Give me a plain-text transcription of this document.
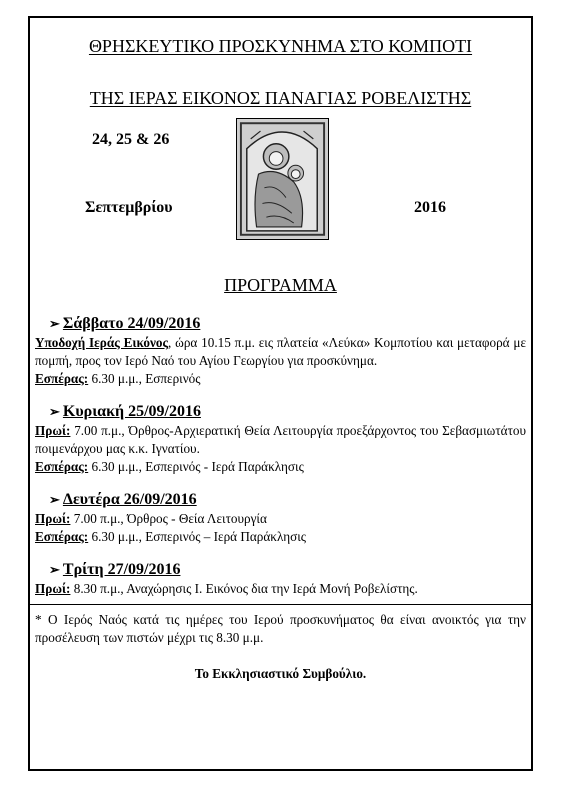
ΘΡΗΣΚΕΥΤΙΚΟ ΠΡΟΣΚΥΝΗΜΑ ΣΤΟ ΚΟΜΠΟΤΙ
ΤΗΣ ΙΕΡΑΣ ΕΙΚΟΝΟΣ ΠΑΝΑΓΙΑΣ ΡΟΒΕΛΙΣΤΗΣ
24, 25 & 26
Σεπτεμβρίου	2016
ΠΡΟΓΡΑΜΜΑ
➢ Σάββατο 24/09/2016
Υποδοχή Ιεράς Εικόνος, ώρα 10.15 π.μ. εις πλατεία «Λεύκα» Κομποτίου και μεταφορά με πομπή, προς τον Ιερό Ναό του Αγίου Γεωργίου για προσκύνημα.
Εσπέρας: 6.30 μ.μ., Εσπερινός
➢ Κυριακή 25/09/2016
Πρωί: 7.00 π.μ., Όρθρος-Αρχιερατική Θεία Λειτουργία προεξάρχοντος του Σεβασμιωτάτου ποιμενάρχου μας κ.κ. Ιγνατίου.
Εσπέρας: 6.30 μ.μ., Εσπερινός - Ιερά Παράκλησις
➢ Δευτέρα 26/09/2016
Πρωί: 7.00 π.μ., Όρθρος - Θεία Λειτουργία
Εσπέρας: 6.30 μ.μ., Εσπερινός – Ιερά Παράκλησις
➢ Τρίτη 27/09/2016
Πρωί: 8.30 π.μ., Αναχώρησις Ι. Εικόνος δια την Ιερά Μονή Ροβελίστης.
* Ο Ιερός Ναός κατά τις ημέρες του Ιερού προσκυνήματος θα είναι ανοικτός για την προσέλευση των πιστών μέχρι τις 8.30 μ.μ.
Το Εκκλησιαστικό Συμβούλιο.
